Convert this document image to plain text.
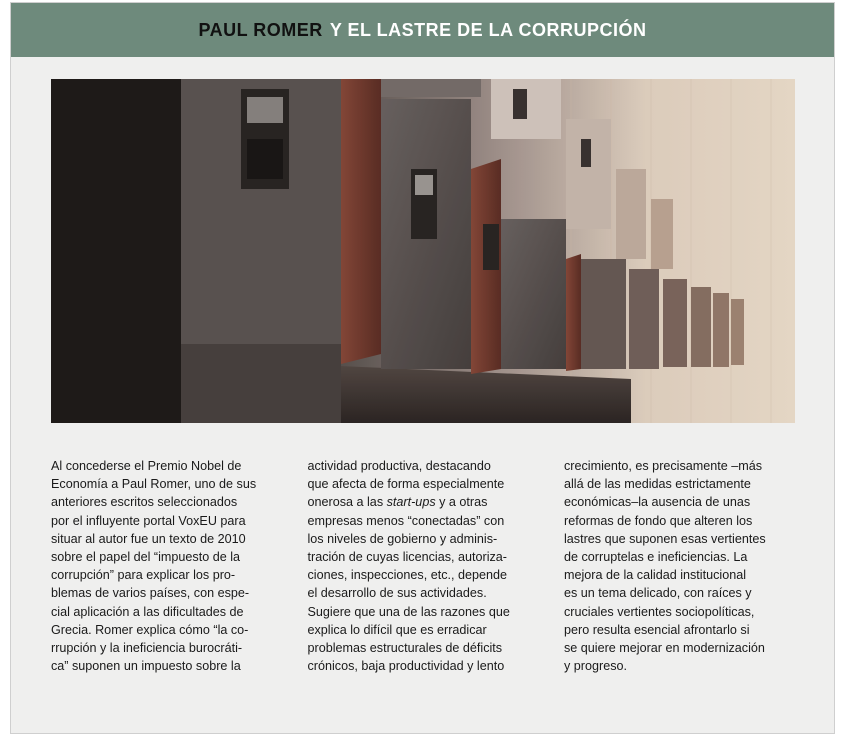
PAUL ROMER Y EL LASTRE DE LA CORRUPCIÓN
Al concederse el Premio Nobel de
Economía a Paul Romer, uno de sus
anteriores escritos seleccionados
por el influyente portal VoxEU para
situar al autor fue un texto de 2010
sobre el papel del “impuesto de la
corrupción” para explicar los pro-
blemas de varios países, con espe-
cial aplicación a las dificultades de
Grecia. Romer explica cómo “la co-
rrupción y la ineficiencia burocráti-
ca” suponen un impuesto sobre la
actividad productiva, destacando
que afecta de forma especialmente
onerosa a las start-ups y a otras
empresas menos “conectadas” con
los niveles de gobierno y adminis-
tración de cuyas licencias, autoriza-
ciones, inspecciones, etc., depende
el desarrollo de sus actividades.
Sugiere que una de las razones que
explica lo difícil que es erradicar
problemas estructurales de déficits
crónicos, baja productividad y lento
crecimiento, es precisamente –más
allá de las medidas estrictamente
económicas–la ausencia de unas
reformas de fondo que alteren los
lastres que suponen esas vertientes
de corruptelas e ineficiencias. La
mejora de la calidad institucional
es un tema delicado, con raíces y
cruciales vertientes sociopolíticas,
pero resulta esencial afrontarlo si
se quiere mejorar en modernización
y progreso.
